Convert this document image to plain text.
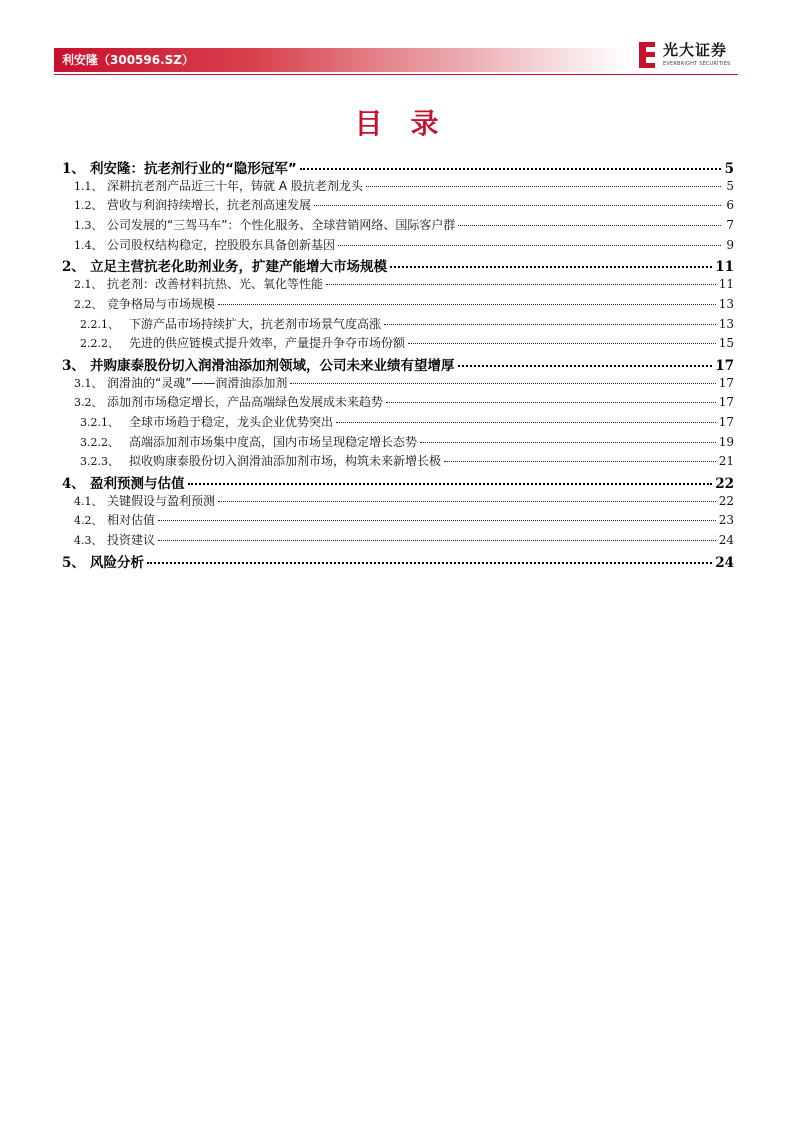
利安隆（300596.SZ）
光大证券
EVERBRIGHT SECURITIES
目录
1、 利安隆：抗老剂行业的“隐形冠军”	5
1.1、 深耕抗老剂产品近三十年，铸就 A 股抗老剂龙头	5
1.2、 营收与利润持续增长，抗老剂高速发展	6
1.3、 公司发展的“三驾马车”：个性化服务、全球营销网络、国际客户群	7
1.4、 公司股权结构稳定，控股股东具备创新基因	9
2、 立足主营抗老化助剂业务，扩建产能增大市场规模	11
2.1、 抗老剂：改善材料抗热、光、氧化等性能	11
2.2、 竞争格局与市场规模	13
2.2.1、 下游产品市场持续扩大，抗老剂市场景气度高涨	13
2.2.2、 先进的供应链模式提升效率，产量提升争夺市场份额	15
3、 并购康泰股份切入润滑油添加剂领域，公司未来业绩有望增厚	17
3.1、 润滑油的“灵魂”——润滑油添加剂	17
3.2、 添加剂市场稳定增长，产品高端绿色发展成未来趋势	17
3.2.1、 全球市场趋于稳定，龙头企业优势突出	17
3.2.2、 高端添加剂市场集中度高，国内市场呈现稳定增长态势	19
3.2.3、 拟收购康泰股份切入润滑油添加剂市场，构筑未来新增长极	21
4、 盈利预测与估值	22
4.1、 关键假设与盈利预测	22
4.2、 相对估值	23
4.3、 投资建议	24
5、 风险分析	24
